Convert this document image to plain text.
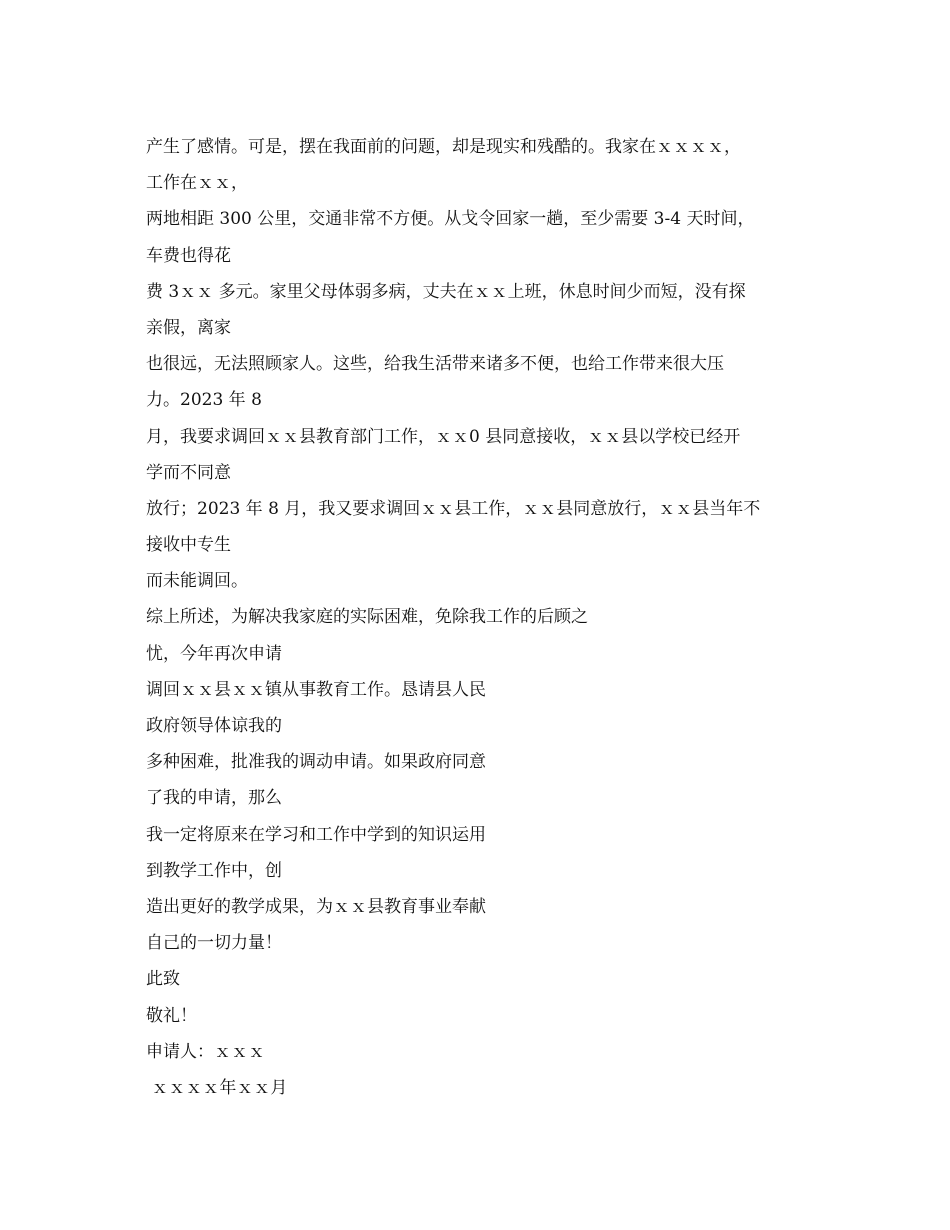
产生了感情。可是，摆在我面前的问题，却是现实和残酷的。我家在ｘｘｘｘ，
工作在ｘｘ，
两地相距 300 公里，交通非常不方便。从戈令回家一趟，至少需要 3-4 天时间，
车费也得花
费 3ｘｘ 多元。家里父母体弱多病，丈夫在ｘｘ上班，休息时间少而短，没有探
亲假，离家
也很远，无法照顾家人。这些，给我生活带来诸多不便，也给工作带来很大压
力。2023 年 8
月，我要求调回ｘｘ县教育部门工作，ｘｘ0 县同意接收，ｘｘ县以学校已经开
学而不同意
放行；2023 年 8 月，我又要求调回ｘｘ县工作，ｘｘ县同意放行，ｘｘ县当年不
接收中专生
而未能调回。
综上所述，为解决我家庭的实际困难，免除我工作的后顾之
忧，今年再次申请
调回ｘｘ县ｘｘ镇从事教育工作。恳请县人民
政府领导体谅我的
多种困难，批准我的调动申请。如果政府同意
了我的申请，那么
我一定将原来在学习和工作中学到的知识运用
到教学工作中，创
造出更好的教学成果，为ｘｘ县教育事业奉献
自己的一切力量！
此致
敬礼！
申请人：ｘｘｘ
ｘｘｘｘ年ｘｘ月
